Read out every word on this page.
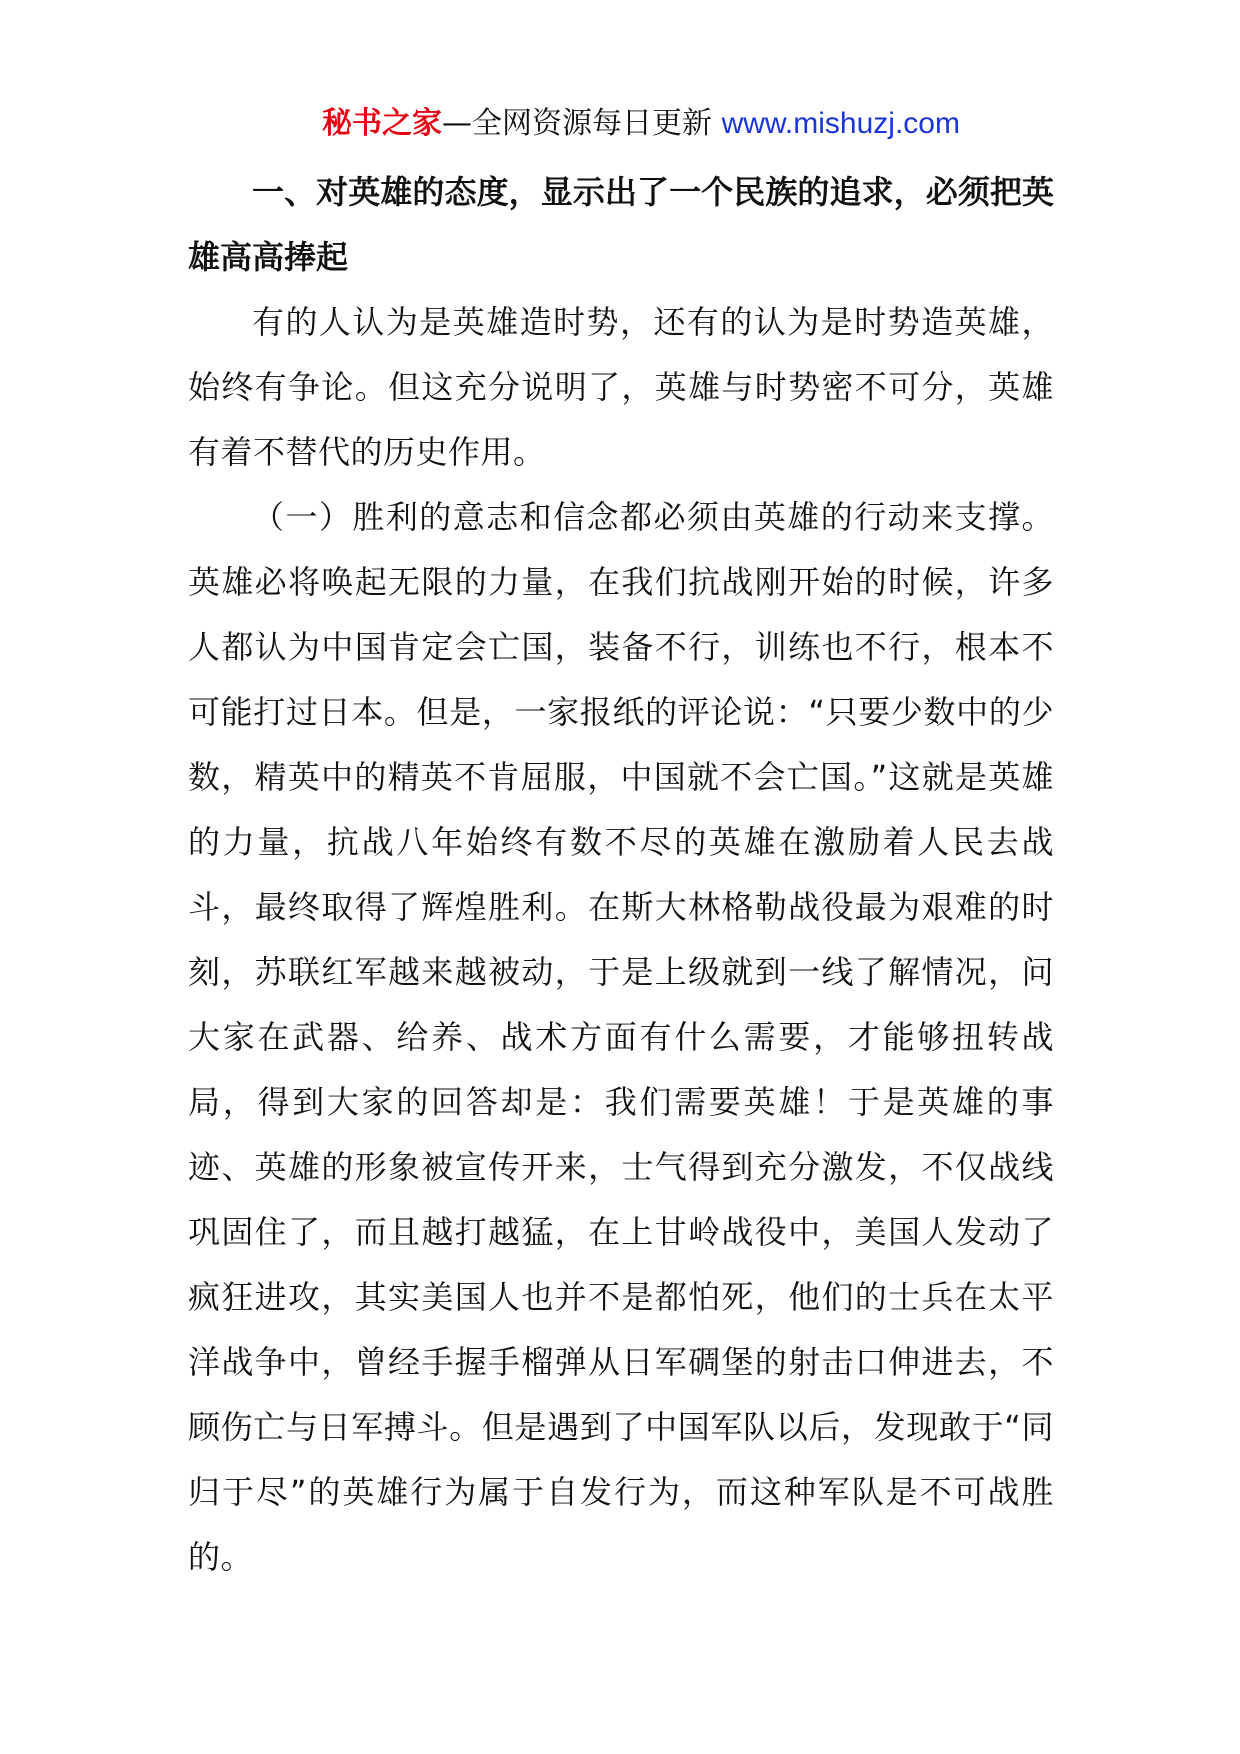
秘书之家—全网资源每日更新 www.mishuzj.com

一、对英雄的态度，显示出了一个民族的追求，必须把英雄高高捧起

有的人认为是英雄造时势，还有的认为是时势造英雄，始终有争论。但这充分说明了，英雄与时势密不可分，英雄有着不替代的历史作用。

（一）胜利的意志和信念都必须由英雄的行动来支撑。英雄必将唤起无限的力量，在我们抗战刚开始的时候，许多人都认为中国肯定会亡国，装备不行，训练也不行，根本不可能打过日本。但是，一家报纸的评论说：“只要少数中的少数，精英中的精英不肯屈服，中国就不会亡国。”这就是英雄的力量，抗战八年始终有数不尽的英雄在激励着人民去战斗，最终取得了辉煌胜利。在斯大林格勒战役最为艰难的时刻，苏联红军越来越被动，于是上级就到一线了解情况，问大家在武器、给养、战术方面有什么需要，才能够扭转战局，得到大家的回答却是：我们需要英雄！于是英雄的事迹、英雄的形象被宣传开来，士气得到充分激发，不仅战线巩固住了，而且越打越猛，在上甘岭战役中，美国人发动了疯狂进攻，其实美国人也并不是都怕死，他们的士兵在太平洋战争中，曾经手握手榴弹从日军碉堡的射击口伸进去，不顾伤亡与日军搏斗。但是遇到了中国军队以后，发现敢于“同归于尽”的英雄行为属于自发行为，而这种军队是不可战胜的。
